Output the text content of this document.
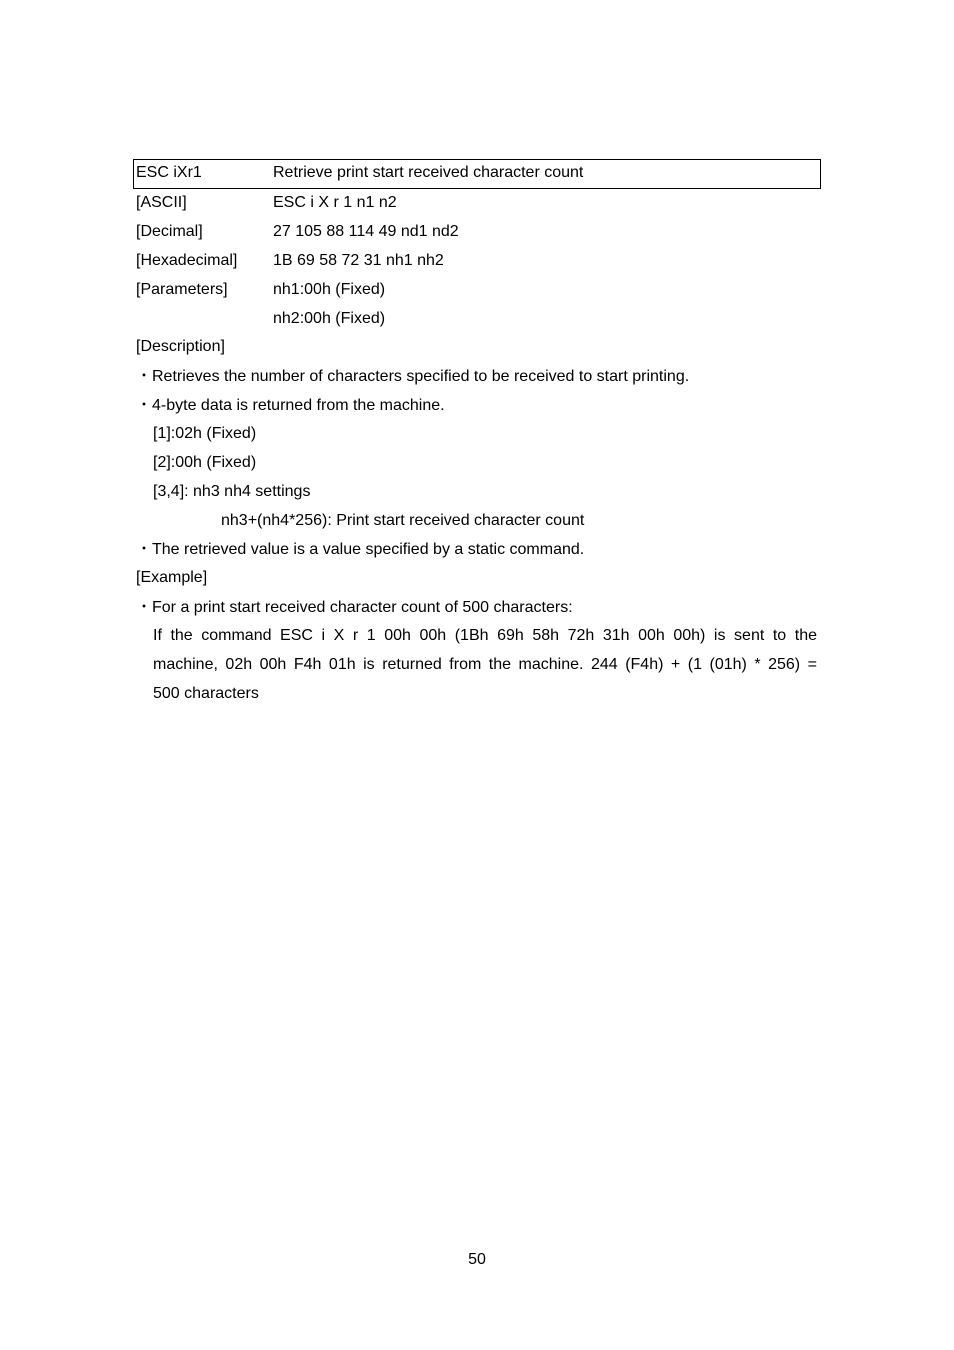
ESC iXr1	Retrieve print start received character count
[ASCII]	ESC i X r 1 n1 n2
[Decimal]	27 105 88 114 49 nd1 nd2
[Hexadecimal] 1B 69 58 72 31 nh1 nh2
[Parameters]	nh1:00h (Fixed)
nh2:00h (Fixed)
[Description]
・Retrieves the number of characters specified to be received to start printing.
・4-byte data is returned from the machine.
[1]:02h (Fixed)
[2]:00h (Fixed)
[3,4]: nh3 nh4 settings
nh3+(nh4*256): Print start received character count
・The retrieved value is a value specified by a static command.
[Example]
・For a print start received character count of 500 characters:
If the command ESC i X r 1 00h 00h (1Bh 69h 58h 72h 31h 00h 00h) is sent to the
machine, 02h 00h F4h 01h is returned from the machine. 244 (F4h) + (1 (01h) * 256) =
500 characters
50
